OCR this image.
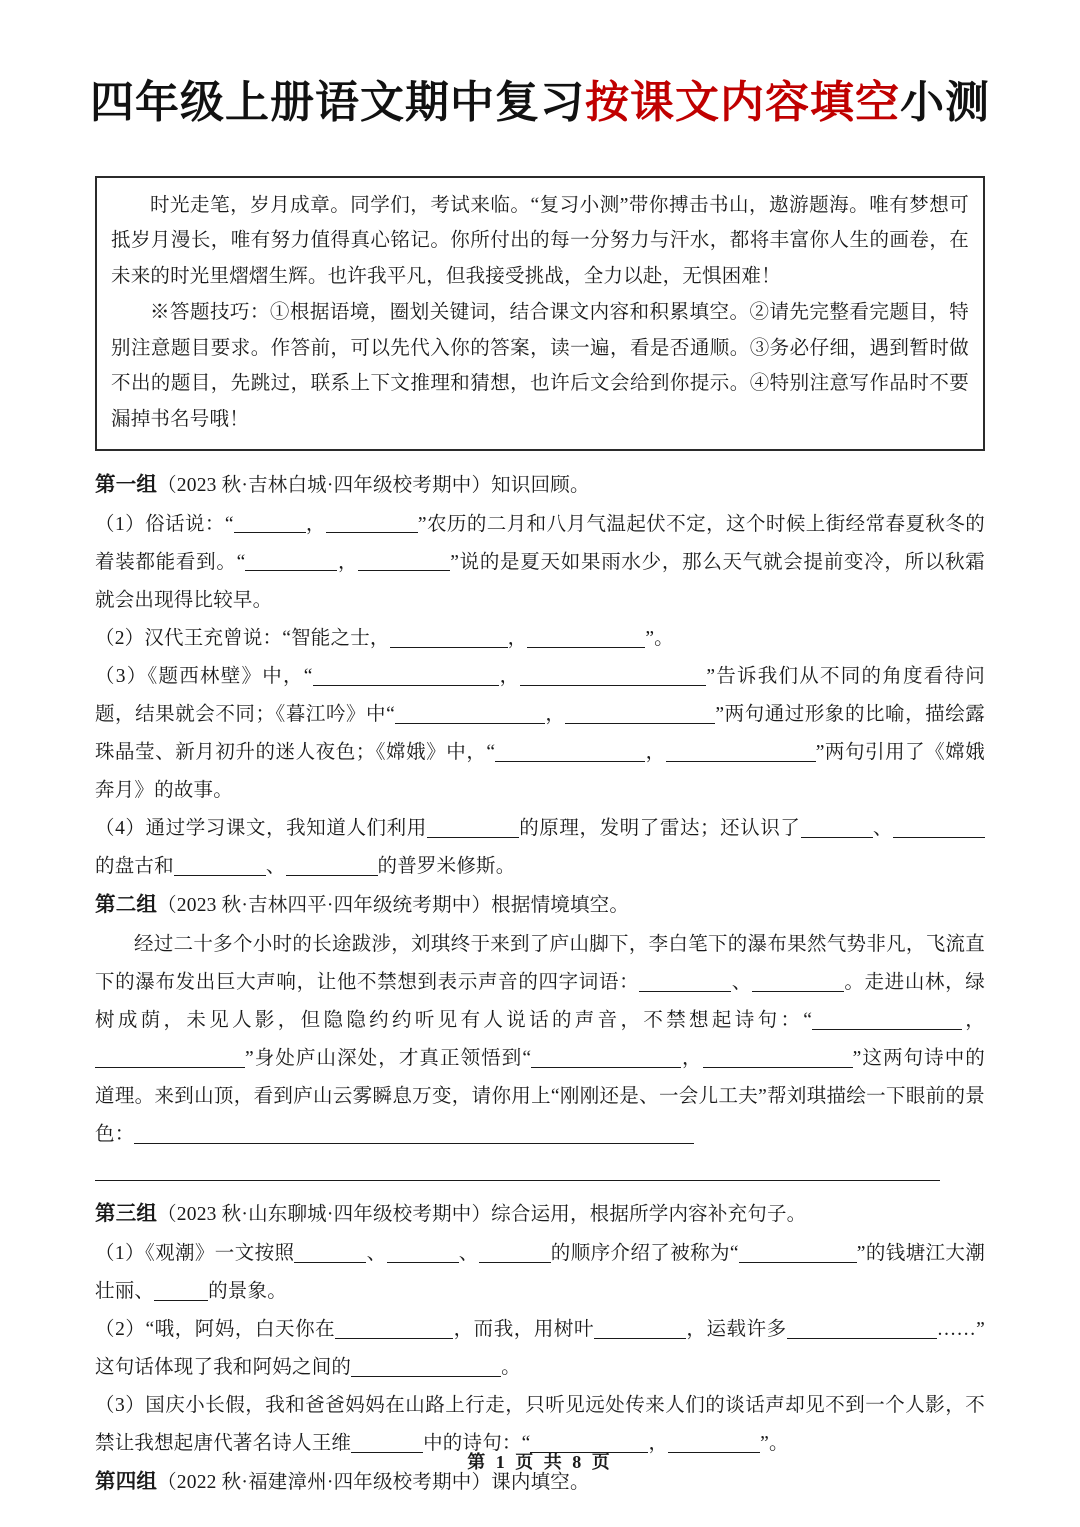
四年级上册语文期中复习按课文内容填空小测

时光走笔，岁月成章。同学们，考试来临。“复习小测”带你搏击书山，遨游题海。唯有梦想可抵岁月漫长，唯有努力值得真心铭记。你所付出的每一分努力与汗水，都将丰富你人生的画卷，在未来的时光里熠熠生辉。也许我平凡，但我接受挑战，全力以赴，无惧困难！

※答题技巧：①根据语境，圈划关键词，结合课文内容和积累填空。②请先完整看完题目，特别注意题目要求。作答前，可以先代入你的答案，读一遍，看是否通顺。③务必仔细，遇到暂时做不出的题目，先跳过，联系上下文推理和猜想，也许后文会给到你提示。④特别注意写作品时不要漏掉书名号哦！

第一组（2023 秋·吉林白城·四年级校考期中）知识回顾。

（1）俗话说：“	，	”农历的二月和八月气温起伏不定，这个时候上街经常春夏秋冬的着装都能看到。“	，	”说的是夏天如果雨水少，那么天气就会提前变冷，所以秋霜就会出现得比较早。

（2）汉代王充曾说：“智能之士，	，	”。

（3）《题西林壁》中，“	，	”告诉我们从不同的角度看待问题，结果就会不同；《暮江吟》中“	，	”两句通过形象的比喻，描绘露珠晶莹、新月初升的迷人夜色；《嫦娥》中，“	，	”两句引用了《嫦娥奔月》的故事。

（4）通过学习课文，我知道人们利用	的原理，发明了雷达；还认识了	、的盘古和	、	的普罗米修斯。

第二组（2023 秋·吉林四平·四年级统考期中）根据情境填空。

经过二十多个小时的长途跋涉，刘琪终于来到了庐山脚下，李白笔下的瀑布果然气势非凡，飞流直下的瀑布发出巨大声响，让他不禁想到表示声音的四字词语：	、	。走进山林，绿树成荫，未见人影，但隐隐约约听见有人说话的声音，不禁想起诗句：“	，”身处庐山深处，才真正领悟到“	，	”这两句诗中的道理。来到山顶，看到庐山云雾瞬息万变，请你用上“刚刚还是、一会儿工夫”帮刘琪描绘一下眼前的景色：

第三组（2023 秋·山东聊城·四年级校考期中）综合运用，根据所学内容补充句子。

（1）《观潮》一文按照	、	、	的顺序介绍了被称为“	”的钱塘江大潮壮丽、	的景象。

（2）“哦，阿妈，白天你在	，而我，用树叶	，运载许多	……”这句话体现了我和阿妈之间的	。

（3）国庆小长假，我和爸爸妈妈在山路上行走，只听见远处传来人们的谈话声却见不到一个人影，不禁让我想起唐代著名诗人王维	中的诗句：“	，	”。

第四组（2022 秋·福建漳州·四年级校考期中）课内填空。

第 1 页 共 8 页
